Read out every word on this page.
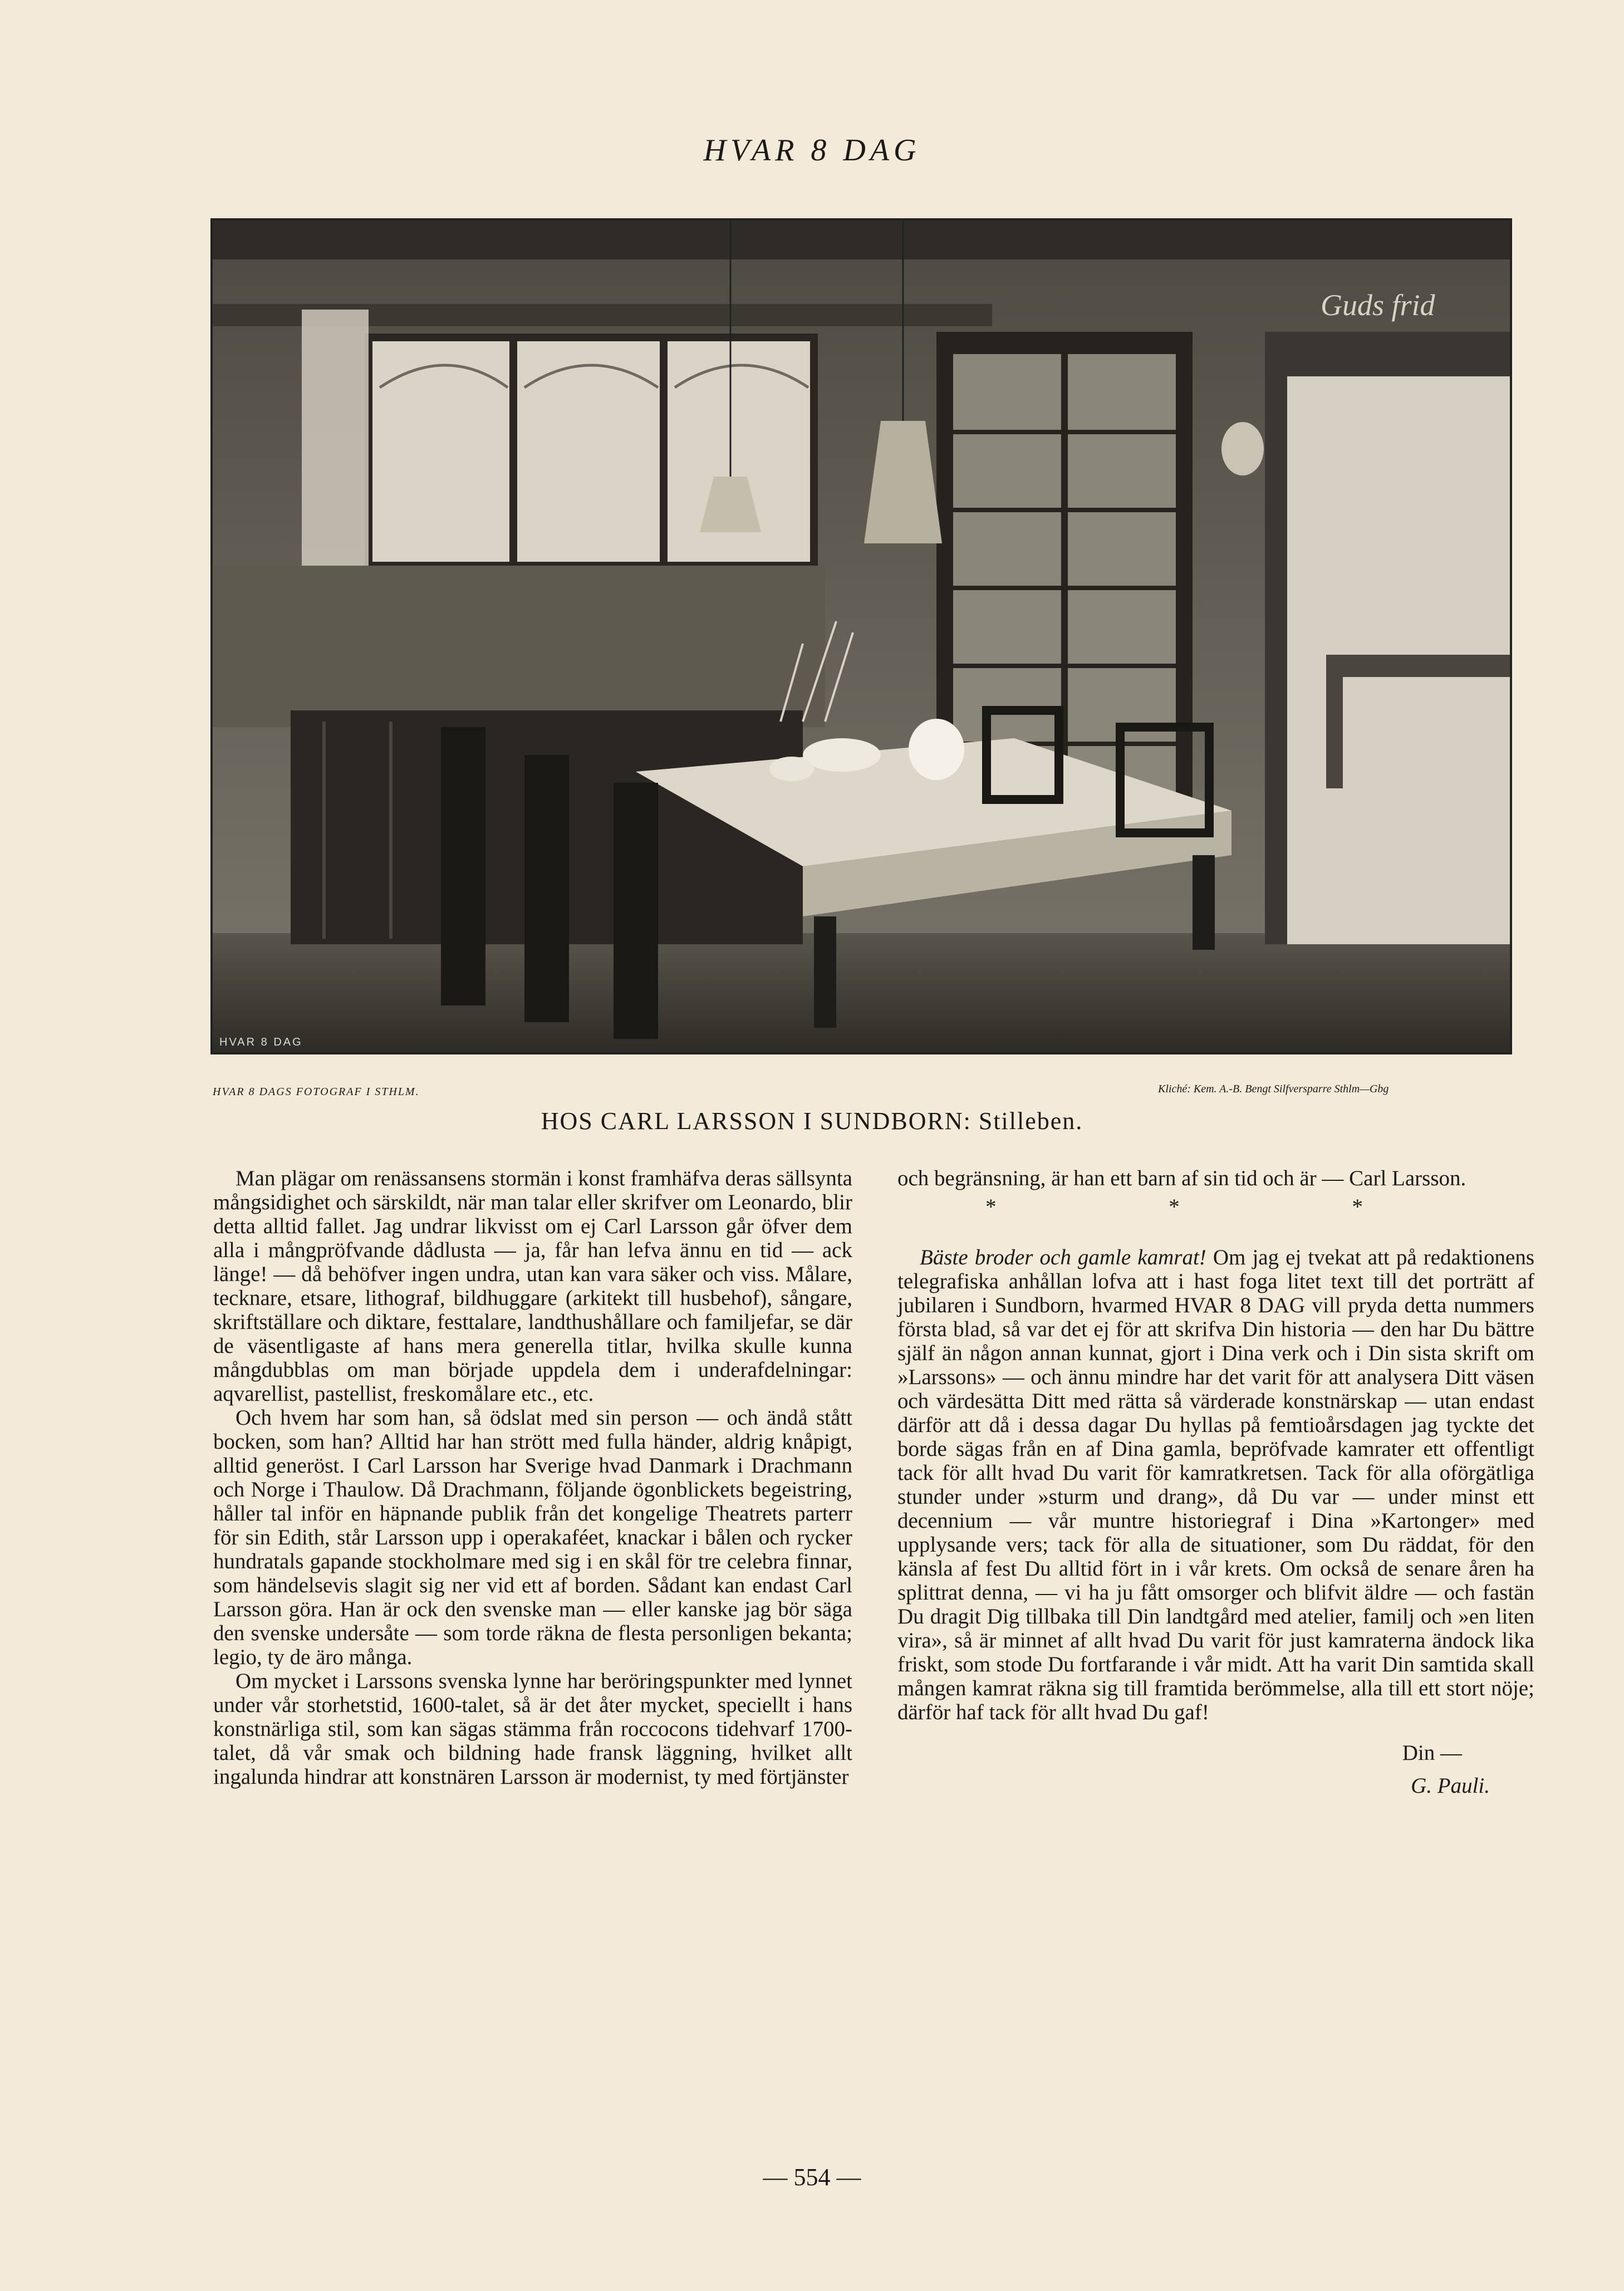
HVAR 8 DAG
Guds frid
HVAR 8 DAG
HVAR 8 DAGS FOTOGRAF I STHLM.	Kliché: Kem. A.-B. Bengt Silfversparre Sthlm—Gbg
HOS CARL LARSSON I SUNDBORN: Stilleben.

Man plägar om renässansens stormän i konst framhäfva deras sällsynta mångsidighet och särskildt, när man talar eller skrifver om Leonardo, blir detta alltid fallet. Jag undrar likvisst om ej Carl Larsson går öfver dem alla i mångpröfvande dådlusta — ja, får han lefva ännu en tid — ack länge! — då behöfver ingen undra, utan kan vara säker och viss. Målare, tecknare, etsare, lithograf, bildhuggare (arkitekt till husbehof), sångare, skriftställare och diktare, festtalare, landthushållare och familjefar, se där de väsentligaste af hans mera generella titlar, hvilka skulle kunna mångdubblas om man började uppdela dem i underafdelningar: aqvarellist, pastellist, freskomålare etc., etc.

Och hvem har som han, så ödslat med sin person — och ändå stått bocken, som han? Alltid har han strött med fulla händer, aldrig knåpigt, alltid generöst. I Carl Larsson har Sverige hvad Danmark i Drachmann och Norge i Thaulow. Då Drachmann, följande ögonblickets begeistring, håller tal inför en häpnande publik från det kongelige Theatrets parterr för sin Edith, står Larsson upp i operakaféet, knackar i bålen och rycker hundratals gapande stockholmare med sig i en skål för tre celebra finnar, som händelsevis slagit sig ner vid ett af borden. Sådant kan endast Carl Larsson göra. Han är ock den svenske man — eller kanske jag bör säga den svenske undersåte — som torde räkna de flesta personligen bekanta; legio, ty de äro många.

Om mycket i Larssons svenska lynne har beröringspunkter med lynnet under vår storhetstid, 1600-talet, så är det åter mycket, speciellt i hans konstnärliga stil, som kan sägas stämma från roccocons tidehvarf 1700-talet, då vår smak och bildning hade fransk läggning, hvilket allt ingalunda hindrar att konstnären Larsson är modernist, ty med förtjänster

och begränsning, är han ett barn af sin tid och är — Carl Larsson.

* * *

Bäste broder och gamle kamrat! Om jag ej tvekat att på redaktionens telegrafiska anhållan lofva att i hast foga litet text till det porträtt af jubilaren i Sundborn, hvarmed HVAR 8 DAG vill pryda detta nummers första blad, så var det ej för att skrifva Din historia — den har Du bättre själf än någon annan kunnat, gjort i Dina verk och i Din sista skrift om »Larssons» — och ännu mindre har det varit för att analysera Ditt väsen och värdesätta Ditt med rätta så värderade konstnärskap — utan endast därför att då i dessa dagar Du hyllas på femtioårsdagen jag tyckte det borde sägas från en af Dina gamla, bepröfvade kamrater ett offentligt tack för allt hvad Du varit för kamratkretsen. Tack för alla oförgätliga stunder under »sturm und drang», då Du var — under minst ett decennium — vår muntre historiegraf i Dina »Kartonger» med upplysande vers; tack för alla de situationer, som Du räddat, för den känsla af fest Du alltid fört in i vår krets. Om också de senare åren ha splittrat denna, — vi ha ju fått omsorger och blifvit äldre — och fastän Du dragit Dig tillbaka till Din landtgård med atelier, familj och »en liten vira», så är minnet af allt hvad Du varit för just kamraterna ändock lika friskt, som stode Du fortfarande i vår midt. Att ha varit Din samtida skall mången kamrat räkna sig till framtida berömmelse, alla till ett stort nöje; därför haf tack för allt hvad Du gaf!

Din —
G. Pauli.
— 554 —
